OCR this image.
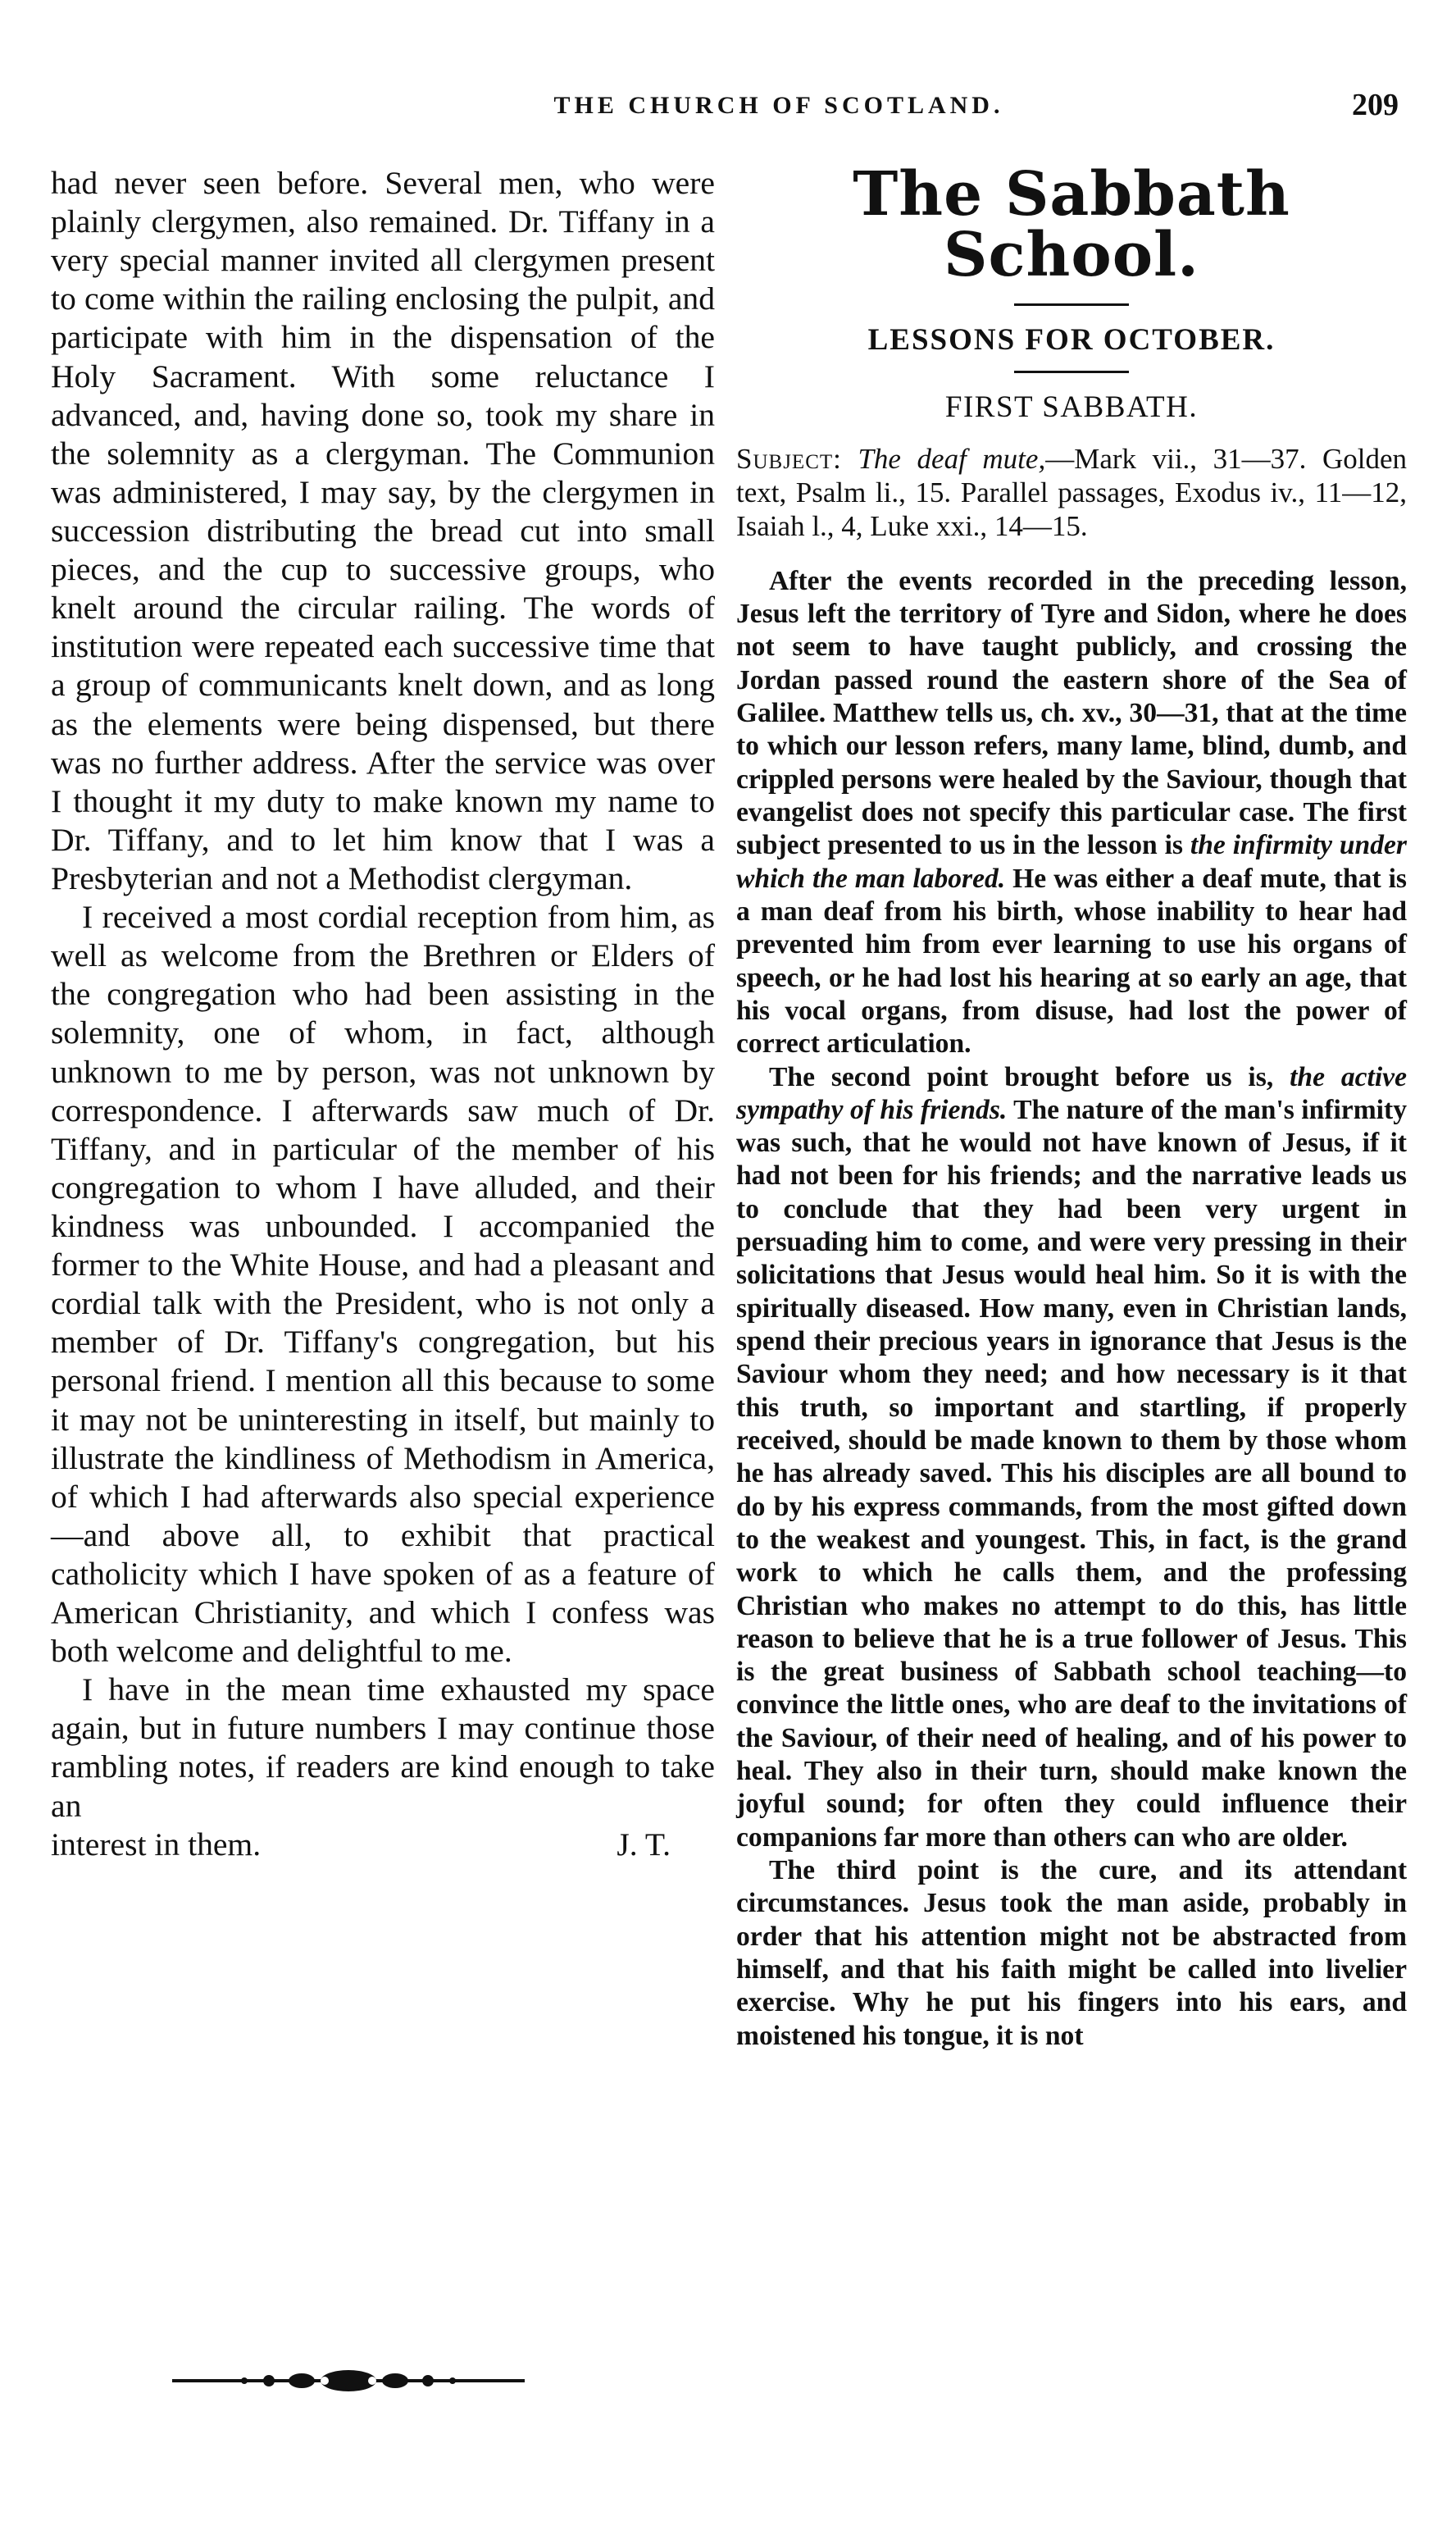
THE CHURCH OF SCOTLAND.	209

had never seen before. Several men, who were plainly clergymen, also remained. Dr. Tiffany in a very special manner invited all clergymen present to come within the railing enclosing the pulpit, and participate with him in the dispensation of the Holy Sacrament. With some reluctance I advanced, and, having done so, took my share in the solemnity as a clergyman. The Communion was administered, I may say, by the clergymen in succession distributing the bread cut into small pieces, and the cup to successive groups, who knelt around the circular railing. The words of institution were repeated each successive time that a group of communicants knelt down, and as long as the elements were being dispensed, but there was no further address. After the service was over I thought it my duty to make known my name to Dr. Tiffany, and to let him know that I was a Presbyterian and not a Methodist clergyman.

I received a most cordial reception from him, as well as welcome from the Brethren or Elders of the congregation who had been assisting in the solemnity, one of whom, in fact, although unknown to me by person, was not unknown by correspondence. I afterwards saw much of Dr. Tiffany, and in particular of the member of his congregation to whom I have alluded, and their kindness was unbounded. I accompanied the former to the White House, and had a pleasant and cordial talk with the President, who is not only a member of Dr. Tiffany's congregation, but his personal friend. I mention all this because to some it may not be uninteresting in itself, but mainly to illustrate the kindliness of Methodism in America, of which I had afterwards also special experience—and above all, to exhibit that practical catholicity which I have spoken of as a feature of American Christianity, and which I confess was both welcome and delightful to me.

I have in the mean time exhausted my space again, but in future numbers I may continue those rambling notes, if readers are kind enough to take an

interest in them.	J. T.
The Sabbath School.
LESSONS FOR OCTOBER.
FIRST SABBATH.

Subject: The deaf mute,—Mark vii., 31—37. Golden text, Psalm li., 15. Parallel passages, Exodus iv., 11—12, Isaiah l., 4, Luke xxi., 14—15.

After the events recorded in the preceding lesson, Jesus left the territory of Tyre and Sidon, where he does not seem to have taught publicly, and crossing the Jordan passed round the eastern shore of the Sea of Galilee. Matthew tells us, ch. xv., 30—31, that at the time to which our lesson refers, many lame, blind, dumb, and crippled persons were healed by the Saviour, though that evangelist does not specify this particular case. The first subject presented to us in the lesson is the infirmity under which the man labored. He was either a deaf mute, that is a man deaf from his birth, whose inability to hear had prevented him from ever learning to use his organs of speech, or he had lost his hearing at so early an age, that his vocal organs, from disuse, had lost the power of correct articulation.

The second point brought before us is, the active sympathy of his friends. The nature of the man's infirmity was such, that he would not have known of Jesus, if it had not been for his friends; and the narrative leads us to conclude that they had been very urgent in persuading him to come, and were very pressing in their solicitations that Jesus would heal him. So it is with the spiritually diseased. How many, even in Christian lands, spend their precious years in ignorance that Jesus is the Saviour whom they need; and how necessary is it that this truth, so important and startling, if properly received, should be made known to them by those whom he has already saved. This his disciples are all bound to do by his express commands, from the most gifted down to the weakest and youngest. This, in fact, is the grand work to which he calls them, and the professing Christian who makes no attempt to do this, has little reason to believe that he is a true follower of Jesus. This is the great business of Sabbath school teaching—to convince the little ones, who are deaf to the invitations of the Saviour, of their need of healing, and of his power to heal. They also in their turn, should make known the joyful sound; for often they could influence their companions far more than others can who are older.

The third point is the cure, and its attendant circumstances. Jesus took the man aside, probably in order that his attention might not be abstracted from himself, and that his faith might be called into livelier exercise. Why he put his fingers into his ears, and moistened his tongue, it is not
